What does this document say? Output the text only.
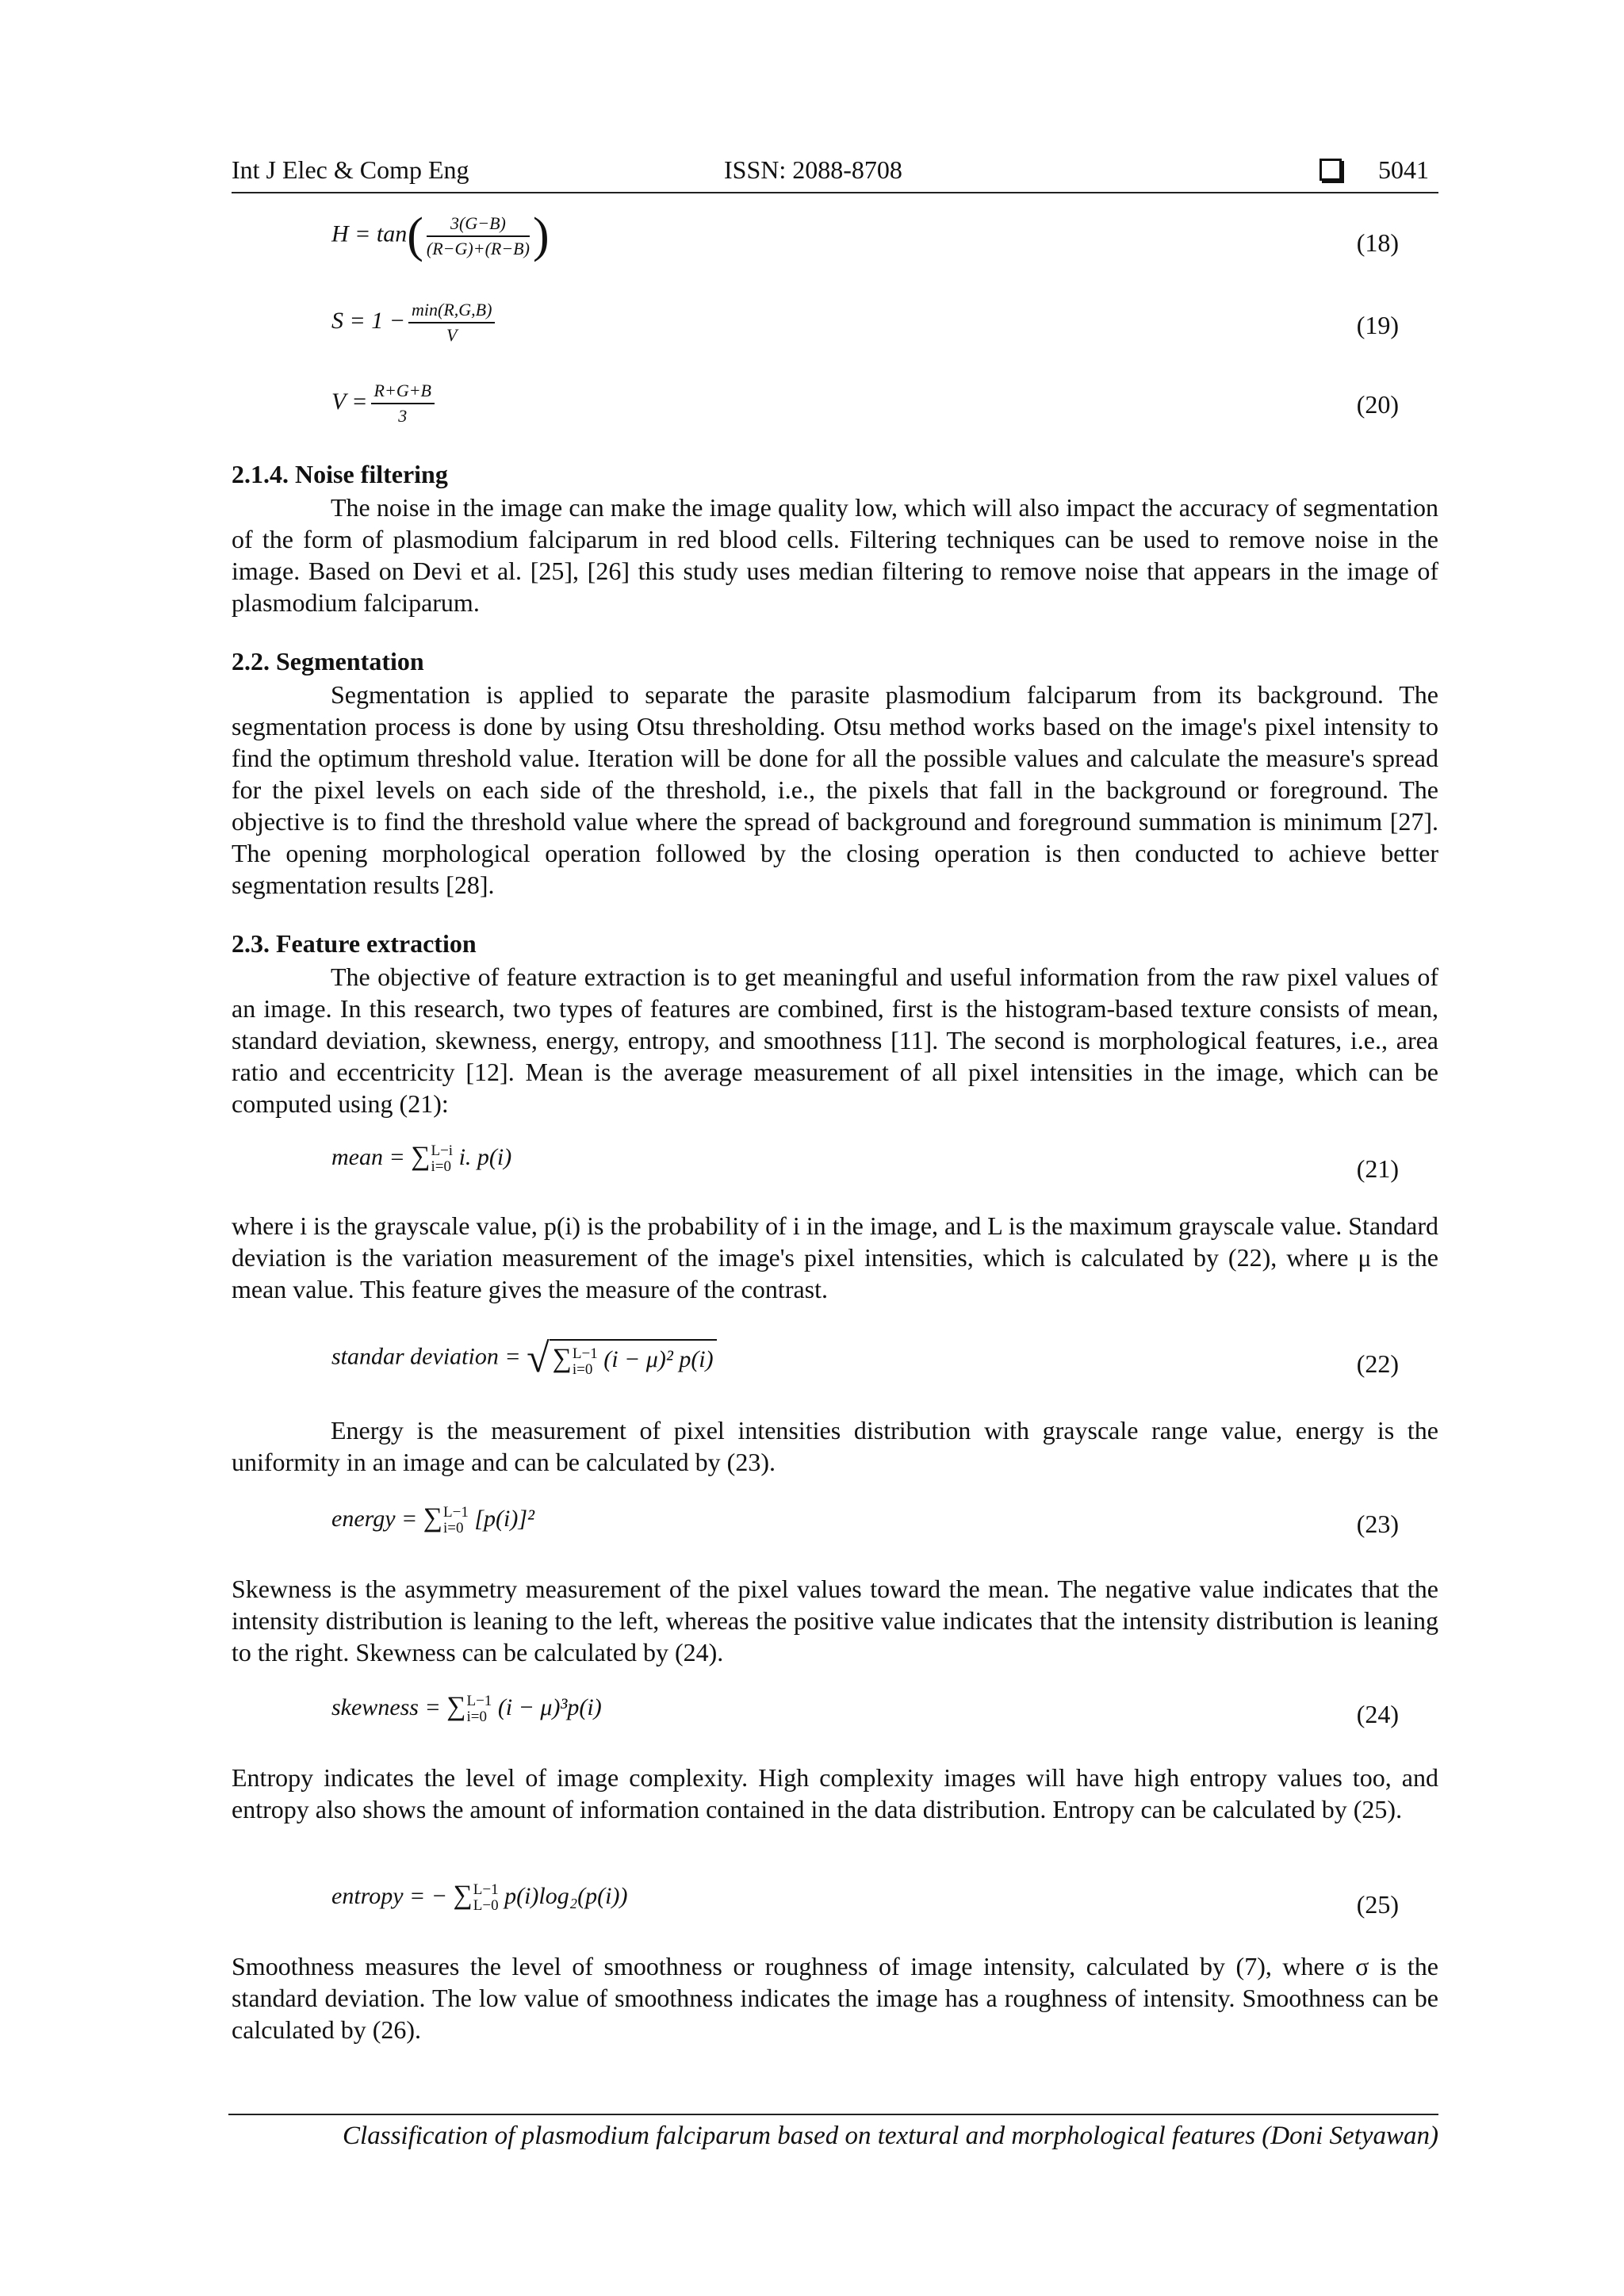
Int J Elec & Comp Eng	ISSN: 2088-8708	5041
$H = \tan( \frac{3(G-B)}{(R-G)+(R-B)}$ )	(18)
$S = 1 - \frac{\min(R,G,B)}{V}$	(19)
$V = \frac{R+G+B}{3}$	(20)
2.1.4. Noise filtering
The noise in the image can make the image quality low, which will also impact the accuracy of segmentation of the form of plasmodium falciparum in red blood cells. Filtering techniques can be used to remove noise in the image. Based on Devi et al. [25], [26] this study uses median filtering to remove noise that appears in the image of plasmodium falciparum.
2.2. Segmentation
Segmentation is applied to separate the parasite plasmodium falciparum from its background. The segmentation process is done by using Otsu thresholding. Otsu method works based on the image's pixel intensity to find the optimum threshold value. Iteration will be done for all the possible values and calculate the measure's spread for the pixel levels on each side of the threshold, i.e., the pixels that fall in the background or foreground. The objective is to find the threshold value where the spread of background and foreground summation is minimum [27]. The opening morphological operation followed by the closing operation is then conducted to achieve better segmentation results [28].
2.3. Feature extraction
The objective of feature extraction is to get meaningful and useful information from the raw pixel values of an image. In this research, two types of features are combined, first is the histogram-based texture consists of mean, standard deviation, skewness, energy, entropy, and smoothness [11]. The second is morphological features, i.e., area ratio and eccentricity [12]. Mean is the average measurement of all pixel intensities in the image, which can be computed using (21):
mean = ∑ L−i
i=0 i. p(i)	(21)
where i is the grayscale value, p(i) is the probability of i in the image, and L is the maximum grayscale value. Standard deviation is the variation measurement of the image's pixel intensities, which is calculated by (22), where μ is the mean value. This feature gives the measure of the contrast.
standar deviation = √ ∑ L−1
i=0 (i − μ)² p(i)	(22)
Energy is the measurement of pixel intensities distribution with grayscale range value, energy is the uniformity in an image and can be calculated by (23).
energy = ∑ L−1
i=0 [p(i)]²	(23)
Skewness is the asymmetry measurement of the pixel values toward the mean. The negative value indicates that the intensity distribution is leaning to the left, whereas the positive value indicates that the intensity distribution is leaning to the right. Skewness can be calculated by (24).
skewness = ∑ L−1
i=0 (i − μ)³p(i)	(24)
Entropy indicates the level of image complexity. High complexity images will have high entropy values too, and entropy also shows the amount of information contained in the data distribution. Entropy can be calculated by (25).
entropy = − ∑ L−1
L−0 p(i)log₂(p(i))	(25)
Smoothness measures the level of smoothness or roughness of image intensity, calculated by (7), where σ is the standard deviation. The low value of smoothness indicates the image has a roughness of intensity. Smoothness can be calculated by (26).
Classification of plasmodium falciparum based on textural and morphological features (Doni Setyawan)
